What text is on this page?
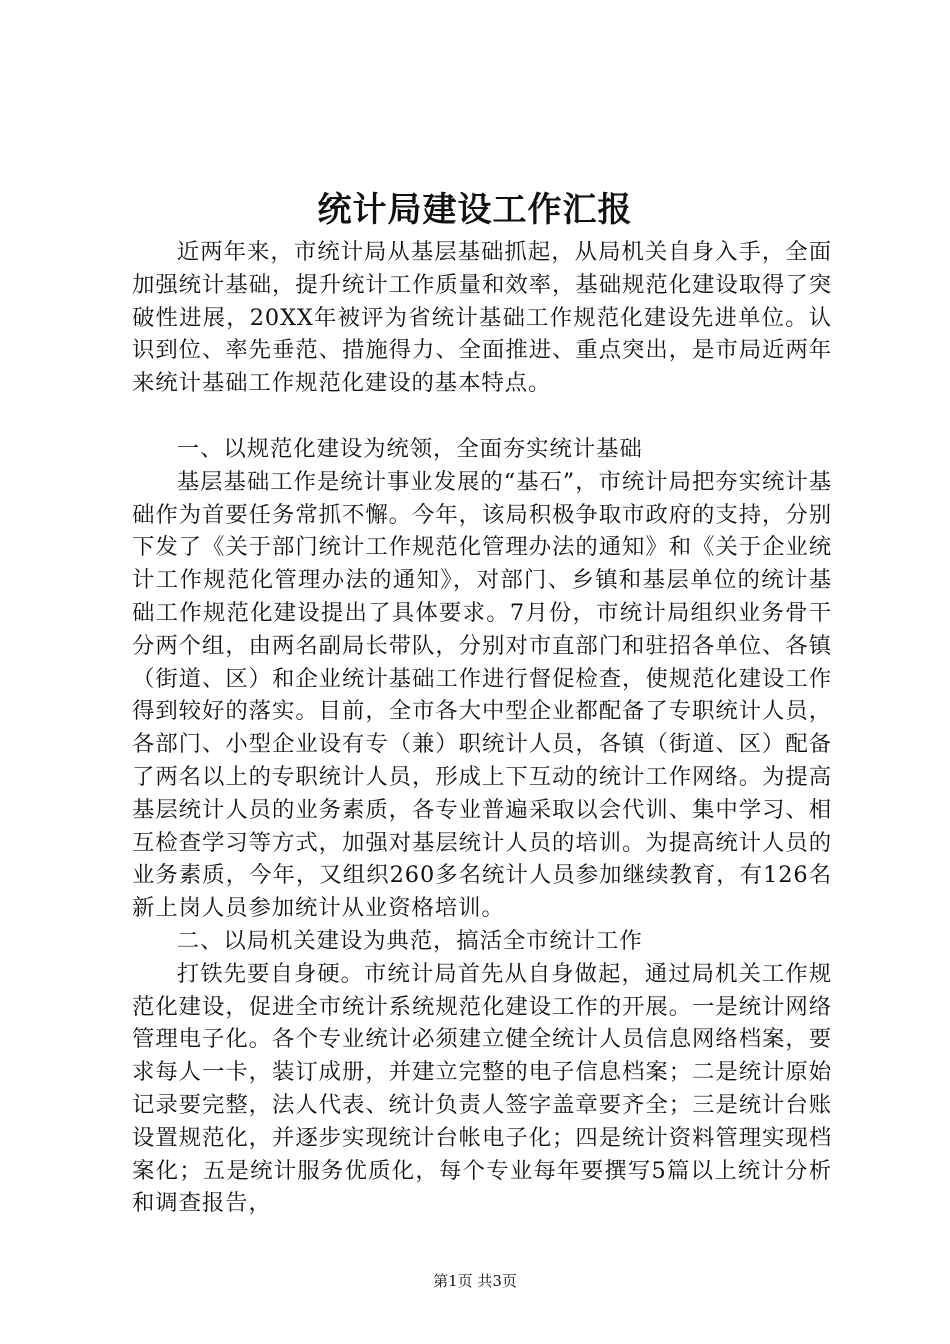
统计局建设工作汇报

近两年来，市统计局从基层基础抓起，从局机关自身入手，全面加强统计基础，提升统计工作质量和效率，基础规范化建设取得了突破性进展，20XX年被评为省统计基础工作规范化建设先进单位。认识到位、率先垂范、措施得力、全面推进、重点突出，是市局近两年来统计基础工作规范化建设的基本特点。

一、以规范化建设为统领，全面夯实统计基础

基层基础工作是统计事业发展的“基石”，市统计局把夯实统计基础作为首要任务常抓不懈。今年，该局积极争取市政府的支持，分别下发了《关于部门统计工作规范化管理办法的通知》和《关于企业统计工作规范化管理办法的通知》，对部门、乡镇和基层单位的统计基础工作规范化建设提出了具体要求。7月份，市统计局组织业务骨干分两个组，由两名副局长带队，分别对市直部门和驻招各单位、各镇（街道、区）和企业统计基础工作进行督促检查，使规范化建设工作得到较好的落实。目前，全市各大中型企业都配备了专职统计人员，各部门、小型企业设有专（兼）职统计人员，各镇（街道、区）配备了两名以上的专职统计人员，形成上下互动的统计工作网络。为提高基层统计人员的业务素质，各专业普遍采取以会代训、集中学习、相互检查学习等方式，加强对基层统计人员的培训。为提高统计人员的业务素质，今年，又组织260多名统计人员参加继续教育，有126名新上岗人员参加统计从业资格培训。

二、以局机关建设为典范，搞活全市统计工作

打铁先要自身硬。市统计局首先从自身做起，通过局机关工作规范化建设，促进全市统计系统规范化建设工作的开展。一是统计网络管理电子化。各个专业统计必须建立健全统计人员信息网络档案，要求每人一卡，装订成册，并建立完整的电子信息档案；二是统计原始记录要完整，法人代表、统计负责人签字盖章要齐全；三是统计台账设置规范化，并逐步实现统计台帐电子化；四是统计资料管理实现档案化；五是统计服务优质化，每个专业每年要撰写5篇以上统计分析和调查报告，

第1页 共3页
